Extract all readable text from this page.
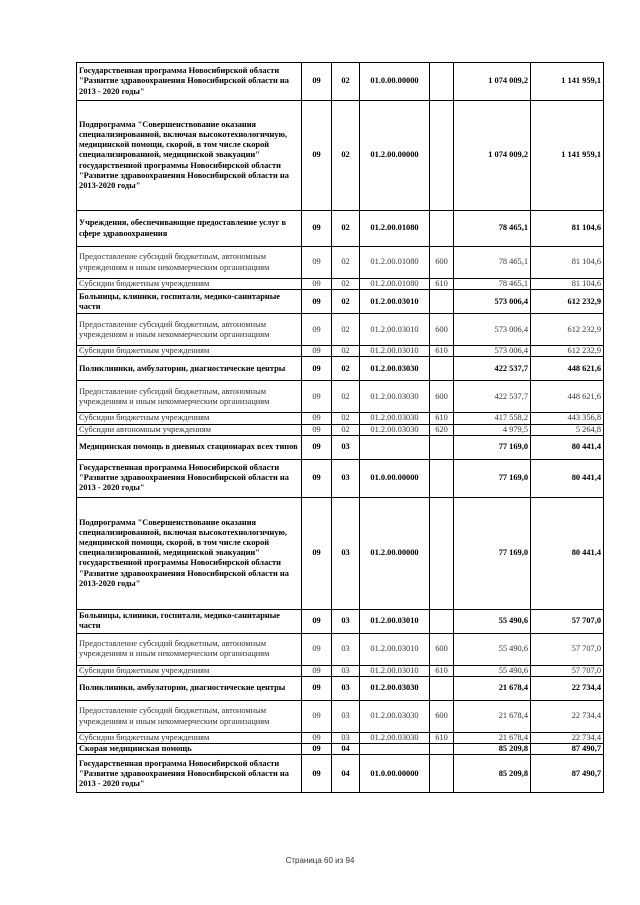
Государственная программа Новосибирской области "Развитие здравоохранения Новосибирской области на 2013 - 2020 годы"	09	02	01.0.00.00000		1 074 009,2	1 141 959,1
Подпрограмма "Совершенствование оказания специализированной, включая высокотехнологичную, медицинской помощи, скорой, в том числе скорой специализированной, медицинской эвакуации" государственной программы Новосибирской области "Развитие здравоохранения Новосибирской области на 2013-2020 годы"	09	02	01.2.00.00000		1 074 009,2	1 141 959,1
Учреждения, обеспечивающие предоставление услуг в сфере здравоохранения	09	02	01.2.00.01080		78 465,1	81 104,6
Предоставление субсидий бюджетным, автономным учреждениям и иным некоммерческим организациям	09	02	01.2.00.01080	600	78 465,1	81 104,6
Субсидии бюджетным учреждениям	09	02	01.2.00.01080	610	78 465,1	81 104,6
Больницы, клиники, госпитали, медико-санитарные части	09	02	01.2.00.03010		573 006,4	612 232,9
Предоставление субсидий бюджетным, автономным учреждениям и иным некоммерческим организациям	09	02	01.2.00.03010	600	573 006,4	612 232,9
Субсидии бюджетным учреждениям	09	02	01.2.00.03010	610	573 006,4	612 232,9
Поликлиники, амбулатории, диагностические центры	09	02	01.2.00.03030		422 537,7	448 621,6
Предоставление субсидий бюджетным, автономным учреждениям и иным некоммерческим организациям	09	02	01.2.00.03030	600	422 537,7	448 621,6
Субсидии бюджетным учреждениям	09	02	01.2.00.03030	610	417 558,2	443 356,8
Субсидии автономным учреждениям	09	02	01.2.00.03030	620	4 979,5	5 264,8
Медицинская помощь в дневных стационарах всех типов	09	03			77 169,0	80 441,4
Государственная программа Новосибирской области "Развитие здравоохранения Новосибирской области на 2013 - 2020 годы"	09	03	01.0.00.00000		77 169,0	80 441,4
Подпрограмма "Совершенствование оказания специализированной, включая высокотехнологичную, медицинской помощи, скорой, в том числе скорой специализированной, медицинской эвакуации" государственной программы Новосибирской области "Развитие здравоохранения Новосибирской области на 2013-2020 годы"	09	03	01.2.00.00000		77 169,0	80 441,4
Больницы, клиники, госпитали, медико-санитарные части	09	03	01.2.00.03010		55 490,6	57 707,0
Предоставление субсидий бюджетным, автономным учреждениям и иным некоммерческим организациям	09	03	01.2.00.03010	600	55 490,6	57 707,0
Субсидии бюджетным учреждениям	09	03	01.2.00.03010	610	55 490,6	57 707,0
Поликлиники, амбулатории, диагностические центры	09	03	01.2.00.03030		21 678,4	22 734,4
Предоставление субсидий бюджетным, автономным учреждениям и иным некоммерческим организациям	09	03	01.2.00.03030	600	21 678,4	22 734,4
Субсидии бюджетным учреждениям	09	03	01.2.00.03030	610	21 678,4	22 734,4
Скорая медицинская помощь	09	04			85 209,8	87 490,7
Государственная программа Новосибирской области "Развитие здравоохранения Новосибирской области на 2013 - 2020 годы"	09	04	01.0.00.00000		85 209,8	87 490,7
Страница 60 из 94
